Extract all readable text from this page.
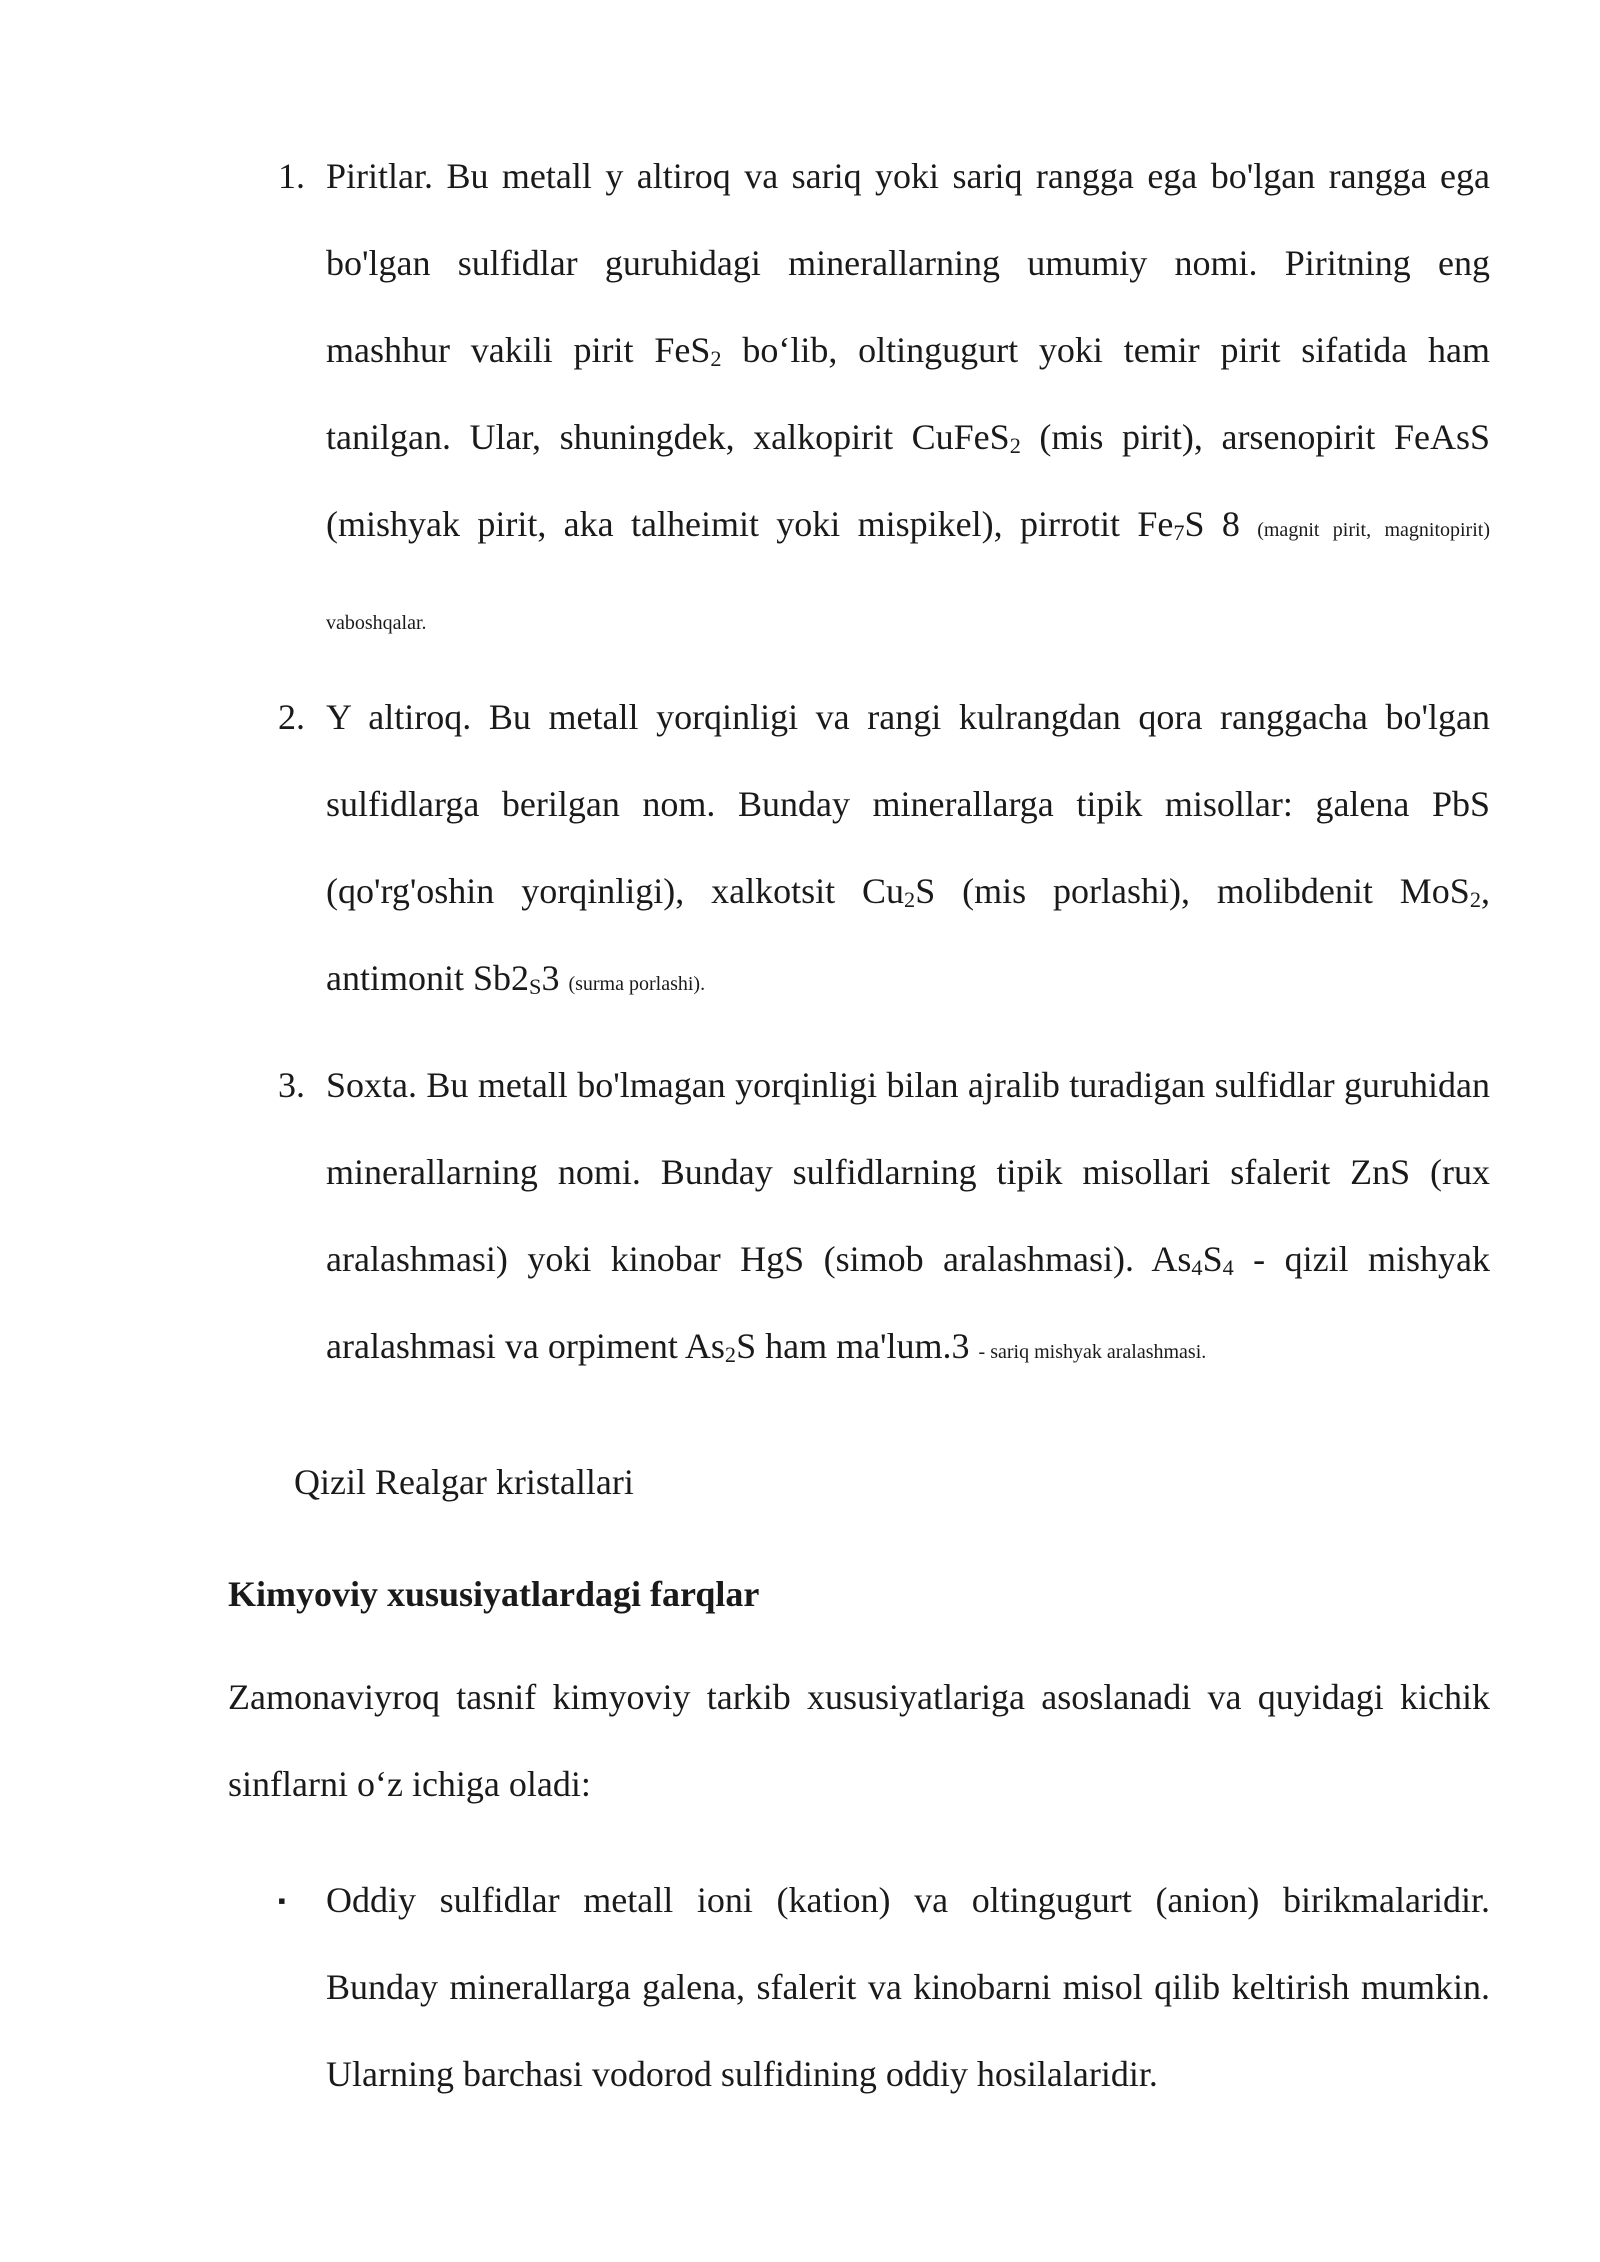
1. Piritlar. Bu metall y altiroq va sariq yoki sariq rangga ega bo'lgan rangga ega bo'lgan sulfidlar guruhidagi minerallarning umumiy nomi. Piritning eng mashhur vakili pirit FeS$_2$ bo‘lib, oltingugurt yoki temir pirit sifatida ham tanilgan. Ular, shuningdek, xalkopirit CuFeS$_2$ (mis pirit), arsenopirit FeAsS (mishyak pirit, aka talheimit yoki mispikel), pirrotit $Fe_7S$ 8 (magnit pirit, magnitopirit) vaboshqalar.

2. Y altiroq. Bu metall yorqinligi va rangi kulrangdan qora ranggacha bo'lgan sulfidlarga berilgan nom. Bunday minerallarga tipik misollar: galena PbS (qo'rg'oshin yorqinligi), xalkotsit $Cu_2S$ (mis porlashi), molibdenit MoS$_2$, antimonit $Sb2_S3$ (surma porlashi).

3. Soxta. Bu metall bo'lmagan yorqinligi bilan ajralib turadigan sulfidlar guruhidan minerallarning nomi. Bunday sulfidlarning tipik misollari sfalerit ZnS (rux aralashmasi) yoki kinobar HgS (simob aralashmasi). $As_4S_4$ - qizil mishyak aralashmasi va orpiment $As_2S$ ham ma'lum.3 - sariq mishyak aralashmasi.

Qizil Realgar kristallari
Kimyoviy xususiyatlardagi farqlar

Zamonaviyroq tasnif kimyoviy tarkib xususiyatlariga asoslanadi va quyidagi kichik sinflarni o‘z ichiga oladi:

▪	Oddiy sulfidlar metall ioni (kation) va oltingugurt (anion) birikmalaridir. Bunday minerallarga galena, sfalerit va kinobarni misol qilib keltirish mumkin. Ularning barchasi vodorod sulfidining oddiy hosilalaridir.
